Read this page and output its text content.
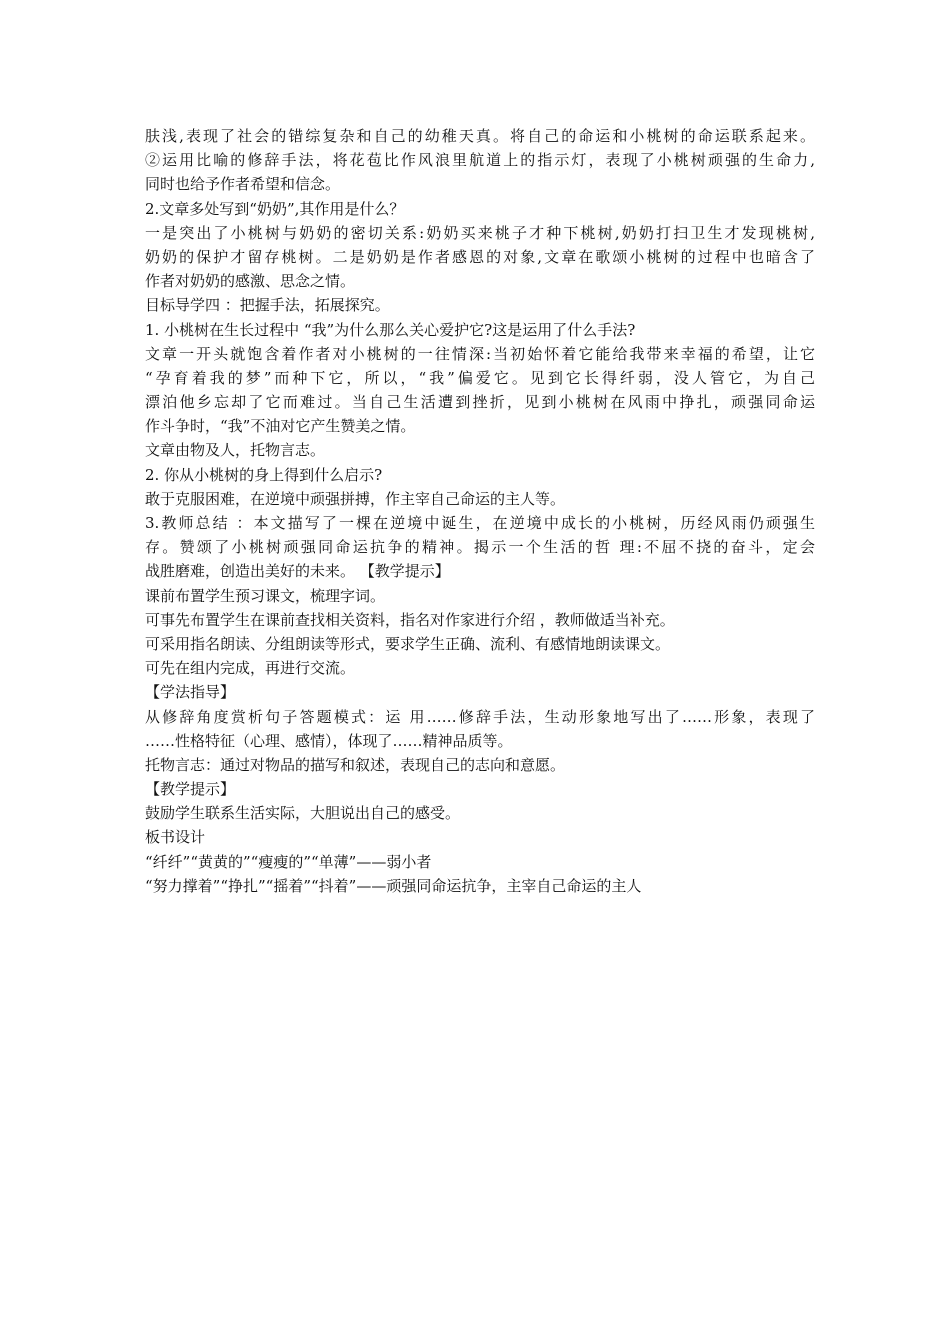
肤浅,表现了社会的错综复杂和自己的幼稚天真。将自己的命运和小桃树的命运联系起来。
②运用比喻的修辞手法，将花苞比作风浪里航道上的指示灯，表现了小桃树顽强的生命力,
同时也给予作者希望和信念。
2.文章多处写到“奶奶”,其作用是什么？
一是突出了小桃树与奶奶的密切关系:奶奶买来桃子才种下桃树,奶奶打扫卫生才发现桃树,
奶奶的保护才留存桃树。二是奶奶是作者感恩的对象,文章在歌颂小桃树的过程中也暗含了
作者对奶奶的感激、思念之情。
目标导学四 ：把握手法，拓展探究。
1. 小桃树在生长过程中 “我”为什么那么关心爱护它?这是运用了什么手法?
文章一开头就饱含着作者对小桃树的一往情深:当初始怀着它能给我带来幸福的希望，让它
“孕育着我的梦”而种下它，所以，“我”偏爱它。见到它长得纤弱，没人管它，为自己
漂泊他乡忘却了它而难过。当自己生活遭到挫折，见到小桃树在风雨中挣扎，顽强同命运
作斗争时，“我”不油对它产生赞美之情。
文章由物及人，托物言志。
2. 你从小桃树的身上得到什么启示?
敢于克服困难，在逆境中顽强拼搏，作主宰自己命运的主人等。
3.教师总结 ：本文描写了一棵在逆境中诞生，在逆境中成长的小桃树，历经风雨仍顽强生
存。赞颂了小桃树顽强同命运抗争的精神。揭示一个生活的哲 理:不屈不挠的奋斗，定会
战胜磨难，创造出美好的未来。 【教学提示】
课前布置学生预习课文，梳理字词。
可事先布置学生在课前查找相关资料，指名对作家进行介绍 ，教师做适当补充。
可采用指名朗读、分组朗读等形式，要求学生正确、流利、有感情地朗读课文。
可先在组内完成，再进行交流。
【学法指导】
从修辞角度赏析句子答题模式：运 用……修辞手法，生动形象地写出了……形象，表现了
……性格特征（心理、感情），体现了……精神品质等。
托物言志：通过对物品的描写和叙述，表现自己的志向和意愿。
【教学提示】
鼓励学生联系生活实际，大胆说出自己的感受。
板书设计
“纤纤”“黄黄的”“瘦瘦的”“单薄”——弱小者
“努力撑着”“挣扎”“摇着”“抖着”——顽强同命运抗争，主宰自己命运的主人
